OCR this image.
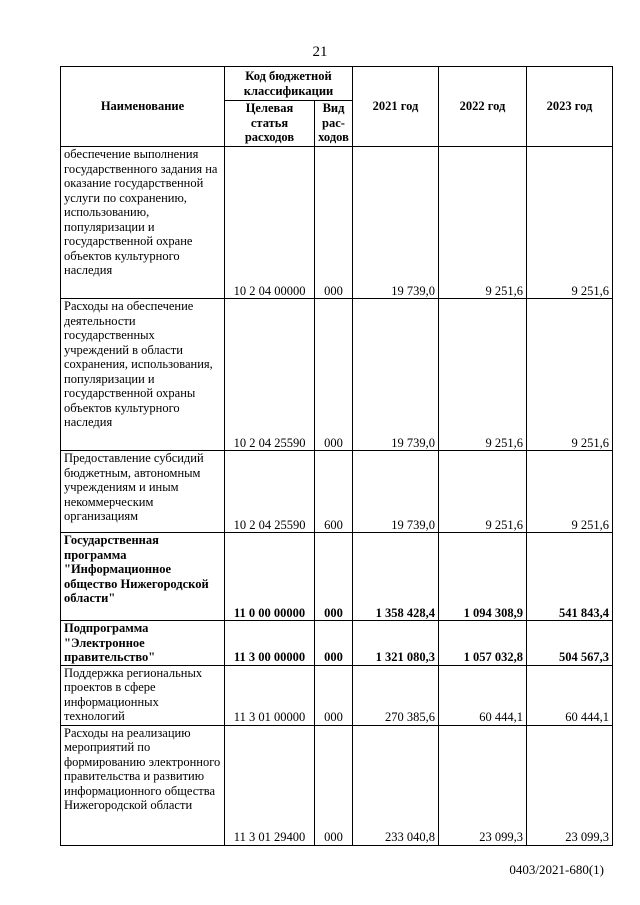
21
Наименование	Код бюджетной классификации		2021 год	2022 год	2023 год
	Целевая статья расходов	Вид рас-ходов			
обеспечение выполнения государственного задания на оказание государственной услуги по сохранению, использованию, популяризации и государственной охране объектов культурного наследия	10 2 04 00000	000	19 739,0	9 251,6	9 251,6
Расходы на обеспечение деятельности государственных учреждений в области сохранения, использования, популяризации и государственной охраны объектов культурного наследия	10 2 04 25590	000	19 739,0	9 251,6	9 251,6
Предоставление субсидий бюджетным, автономным учреждениям и иным некоммерческим организациям	10 2 04 25590	600	19 739,0	9 251,6	9 251,6
Государственная программа "Информационное общество Нижегородской области"	11 0 00 00000	000	1 358 428,4	1 094 308,9	541 843,4
Подпрограмма "Электронное правительство"	11 3 00 00000	000	1 321 080,3	1 057 032,8	504 567,3
Поддержка региональных проектов в сфере информационных технологий	11 3 01 00000	000	270 385,6	60 444,1	60 444,1
Расходы на реализацию мероприятий по формированию электронного правительства и развитию информационного общества Нижегородской области	11 3 01 29400	000	233 040,8	23 099,3	23 099,3
0403/2021-680(1)
